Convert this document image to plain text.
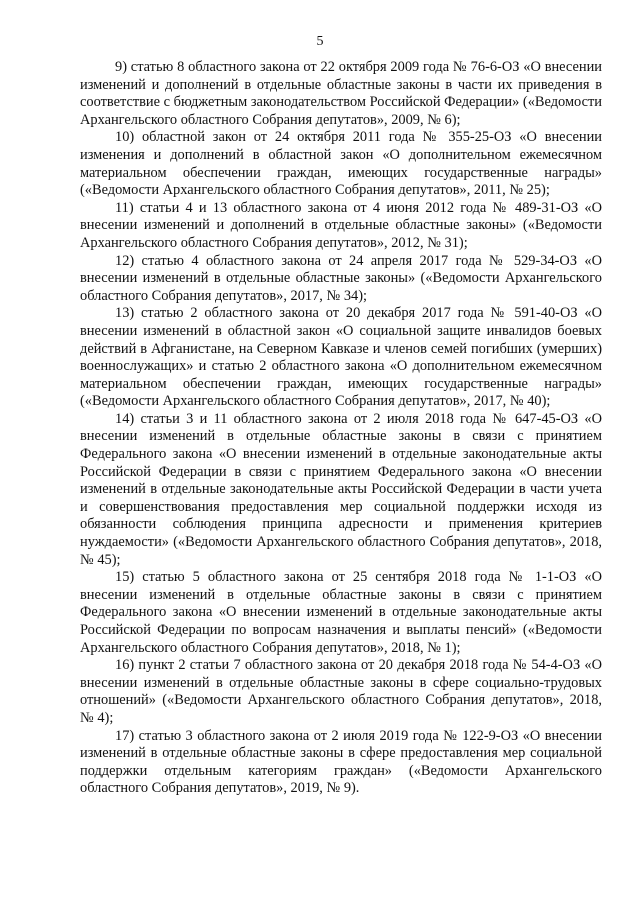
5

9) статью 8 областного закона от 22 октября 2009 года № 76-6-ОЗ «О внесении изменений и дополнений в отдельные областные законы в части их приведения в соответствие с бюджетным законодательством Российской Федерации» («Ведомости Архангельского областного Собрания депутатов», 2009, № 6);

10) областной закон от 24 октября 2011 года № 355-25-ОЗ «О внесении изменения и дополнений в областной закон «О дополнительном ежемесячном материальном обеспечении граждан, имеющих государственные награды» («Ведомости Архангельского областного Собрания депутатов», 2011, № 25);

11) статьи 4 и 13 областного закона от 4 июня 2012 года № 489-31-ОЗ «О внесении изменений и дополнений в отдельные областные законы» («Ведомости Архангельского областного Собрания депутатов», 2012, № 31);

12) статью 4 областного закона от 24 апреля 2017 года № 529-34-ОЗ «О внесении изменений в отдельные областные законы» («Ведомости Архангельского областного Собрания депутатов», 2017, № 34);

13) статью 2 областного закона от 20 декабря 2017 года № 591-40-ОЗ «О внесении изменений в областной закон «О социальной защите инвалидов боевых действий в Афганистане, на Северном Кавказе и членов семей погибших (умерших) военнослужащих» и статью 2 областного закона «О дополнительном ежемесячном материальном обеспечении граждан, имеющих государственные награды» («Ведомости Архангельского областного Собрания депутатов», 2017, № 40);

14) статьи 3 и 11 областного закона от 2 июля 2018 года № 647-45-ОЗ «О внесении изменений в отдельные областные законы в связи с принятием Федерального закона «О внесении изменений в отдельные законодательные акты Российской Федерации в связи с принятием Федерального закона «О внесении изменений в отдельные законодательные акты Российской Федерации в части учета и совершенствования предоставления мер социальной поддержки исходя из обязанности соблюдения принципа адресности и применения критериев нуждаемости» («Ведомости Архангельского областного Собрания депутатов», 2018, № 45);

15) статью 5 областного закона от 25 сентября 2018 года № 1-1-ОЗ «О внесении изменений в отдельные областные законы в связи с принятием Федерального закона «О внесении изменений в отдельные законодательные акты Российской Федерации по вопросам назначения и выплаты пенсий» («Ведомости Архангельского областного Собрания депутатов», 2018, № 1);

16) пункт 2 статьи 7 областного закона от 20 декабря 2018 года № 54-4-ОЗ «О внесении изменений в отдельные областные законы в сфере социально-трудовых отношений» («Ведомости Архангельского областного Собрания депутатов», 2018, № 4);

17) статью 3 областного закона от 2 июля 2019 года № 122-9-ОЗ «О внесении изменений в отдельные областные законы в сфере предоставления мер социальной поддержки отдельным категориям граждан» («Ведомости Архангельского областного Собрания депутатов», 2019, № 9).
